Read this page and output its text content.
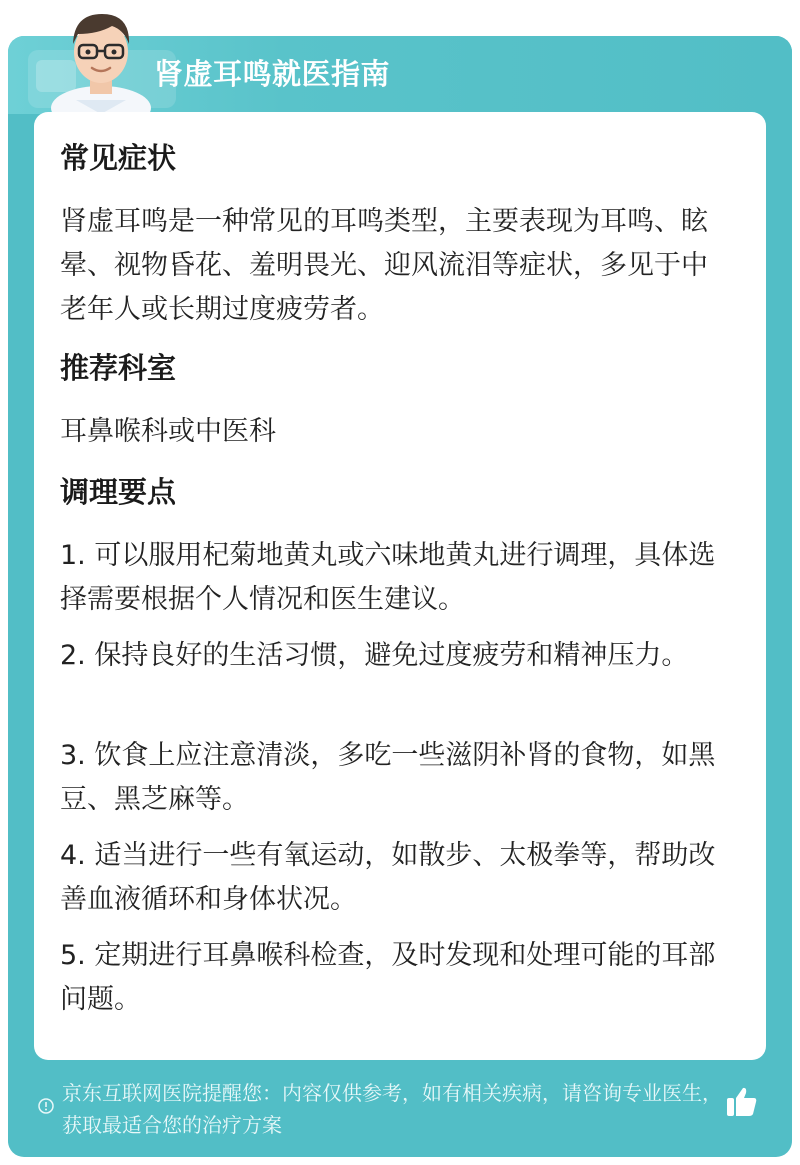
肾虚耳鸣就医指南
常见症状
肾虚耳鸣是一种常见的耳鸣类型，主要表现为耳鸣、眩晕、视物昏花、羞明畏光、迎风流泪等症状，多见于中老年人或长期过度疲劳者。
推荐科室
耳鼻喉科或中医科
调理要点
1. 可以服用杞菊地黄丸或六味地黄丸进行调理，具体选择需要根据个人情况和医生建议。
2. 保持良好的生活习惯，避免过度疲劳和精神压力。
3. 饮食上应注意清淡，多吃一些滋阴补肾的食物，如黑豆、黑芝麻等。
4. 适当进行一些有氧运动，如散步、太极拳等，帮助改善血液循环和身体状况。
5. 定期进行耳鼻喉科检查，及时发现和处理可能的耳部问题。
京东互联网医院提醒您：内容仅供参考，如有相关疾病，请咨询专业医生，获取最适合您的治疗方案
